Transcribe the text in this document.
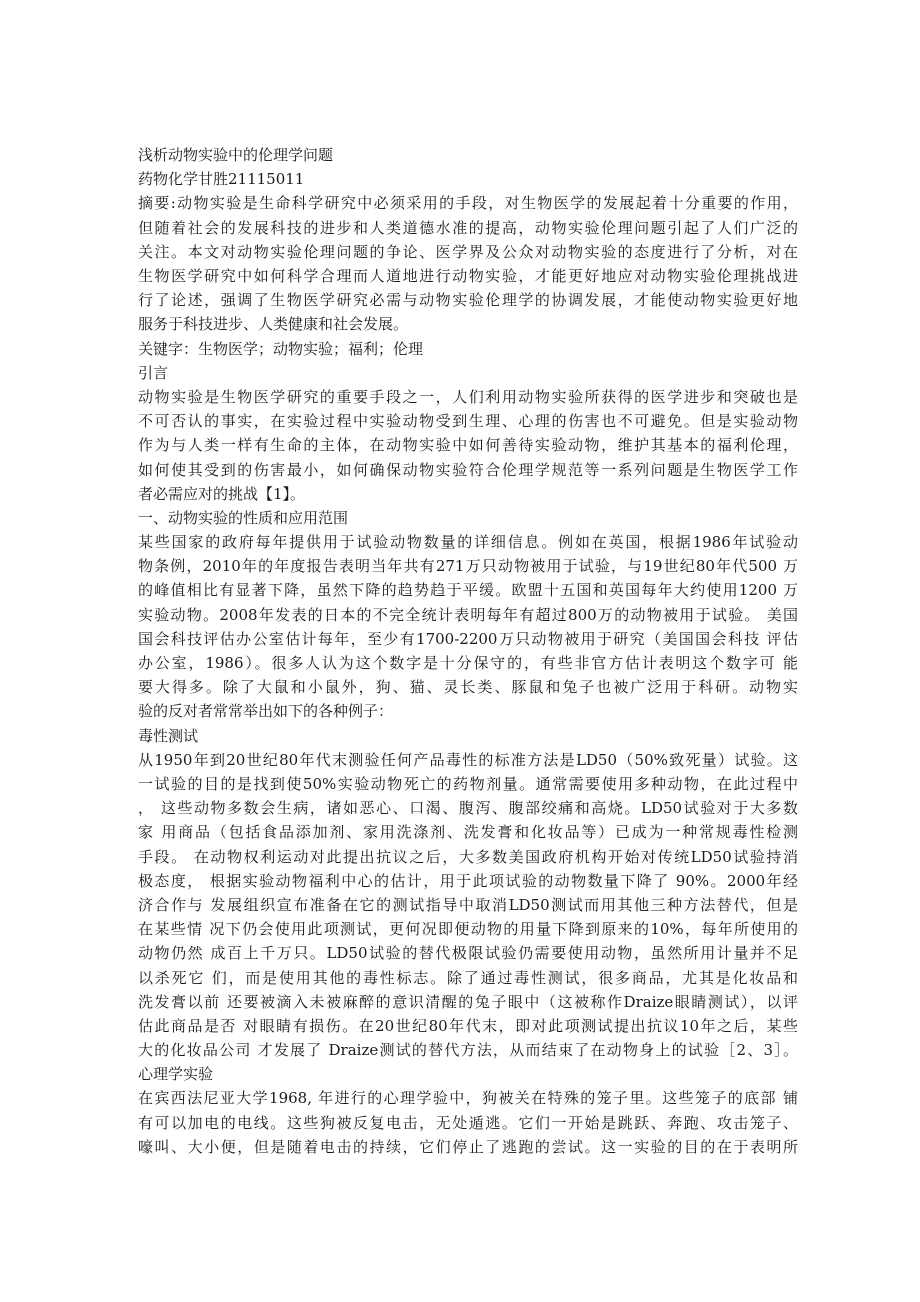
浅析动物实验中的伦理学问题

药物化学甘胜21115011

摘要:动物实验是生命科学研究中必须采用的手段，对生物医学的发展起着十分重要的作用，

但随着社会的发展科技的进步和人类道德水准的提高，动物实验伦理问题引起了人们广泛的

关注。本文对动物实验伦理问题的争论、医学界及公众对动物实验的态度进行了分析，对在

生物医学研究中如何科学合理而人道地进行动物实验，才能更好地应对动物实验伦理挑战进

行了论述，强调了生物医学研究必需与动物实验伦理学的协调发展，才能使动物实验更好地

服务于科技进步、人类健康和社会发展。

关键字：生物医学；动物实验；福利；伦理

引言

动物实验是生物医学研究的重要手段之一，人们利用动物实验所获得的医学进步和突破也是

不可否认的事实，在实验过程中实验动物受到生理、心理的伤害也不可避免。但是实验动物

作为与人类一样有生命的主体，在动物实验中如何善待实验动物，维护其基本的福利伦理，

如何使其受到的伤害最小，如何确保动物实验符合伦理学规范等一系列问题是生物医学工作

者必需应对的挑战【1】。

一、动物实验的性质和应用范围

某些国家的政府每年提供用于试验动物数量的详细信息。例如在英国，根据1986年试验动

物条例，2010年的年度报告表明当年共有271万只动物被用于试验，与19世纪80年代500 万

的峰值相比有显著下降，虽然下降的趋势趋于平缓。欧盟十五国和英国每年大约使用1200 万

实验动物。2008年发表的日本的不完全统计表明每年有超过800万的动物被用于试验。 美国

国会科技评估办公室估计每年，至少有1700-2200万只动物被用于研究（美国国会科技 评估

办公室，1986）。很多人认为这个数字是十分保守的，有些非官方估计表明这个数字可 能

要大得多。除了大鼠和小鼠外，狗、猫、灵长类、豚鼠和兔子也被广泛用于科研。动物实

验的反对者常常举出如下的各种例子：

毒性测试

从1950年到20世纪80年代末测验任何产品毒性的标准方法是LD50（50%致死量）试验。这

一试验的目的是找到使50%实验动物死亡的药物剂量。通常需要使用多种动物，在此过程中

， 这些动物多数会生病，诸如恶心、口渴、腹泻、腹部绞痛和高烧。LD50试验对于大多数

家 用商品（包括食品添加剂、家用洗涤剂、洗发膏和化妆品等）已成为一种常规毒性检测

手段。 在动物权利运动对此提出抗议之后，大多数美国政府机构开始对传统LD50试验持消

极态度， 根据实验动物福利中心的估计，用于此项试验的动物数量下降了 90%。2000年经

济合作与 发展组织宣布准备在它的测试指导中取消LD50测试而用其他三种方法替代，但是

在某些情 况下仍会使用此项测试，更何况即便动物的用量下降到原来的10%，每年所使用的

动物仍然 成百上千万只。LD50试验的替代极限试验仍需要使用动物，虽然所用计量并不足

以杀死它 们，而是使用其他的毒性标志。除了通过毒性测试，很多商品，尤其是化妆品和

洗发膏以前 还要被滴入未被麻醉的意识清醒的兔子眼中（这被称作Draize眼睛测试），以评

估此商品是否 对眼睛有损伤。在20世纪80年代末，即对此项测试提出抗议10年之后，某些

大的化妆品公司 才发展了 Draize测试的替代方法，从而结束了在动物身上的试验［2、3］。

心理学实验

在宾西法尼亚大学1968, 年进行的心理学验中，狗被关在特殊的笼子里。这些笼子的底部 铺

有可以加电的电线。这些狗被反复电击，无处遁逃。它们一开始是跳跃、奔跑、攻击笼子、

嚎叫、大小便，但是随着电击的持续，它们停止了逃跑的尝试。这一实验的目的在于表明所
